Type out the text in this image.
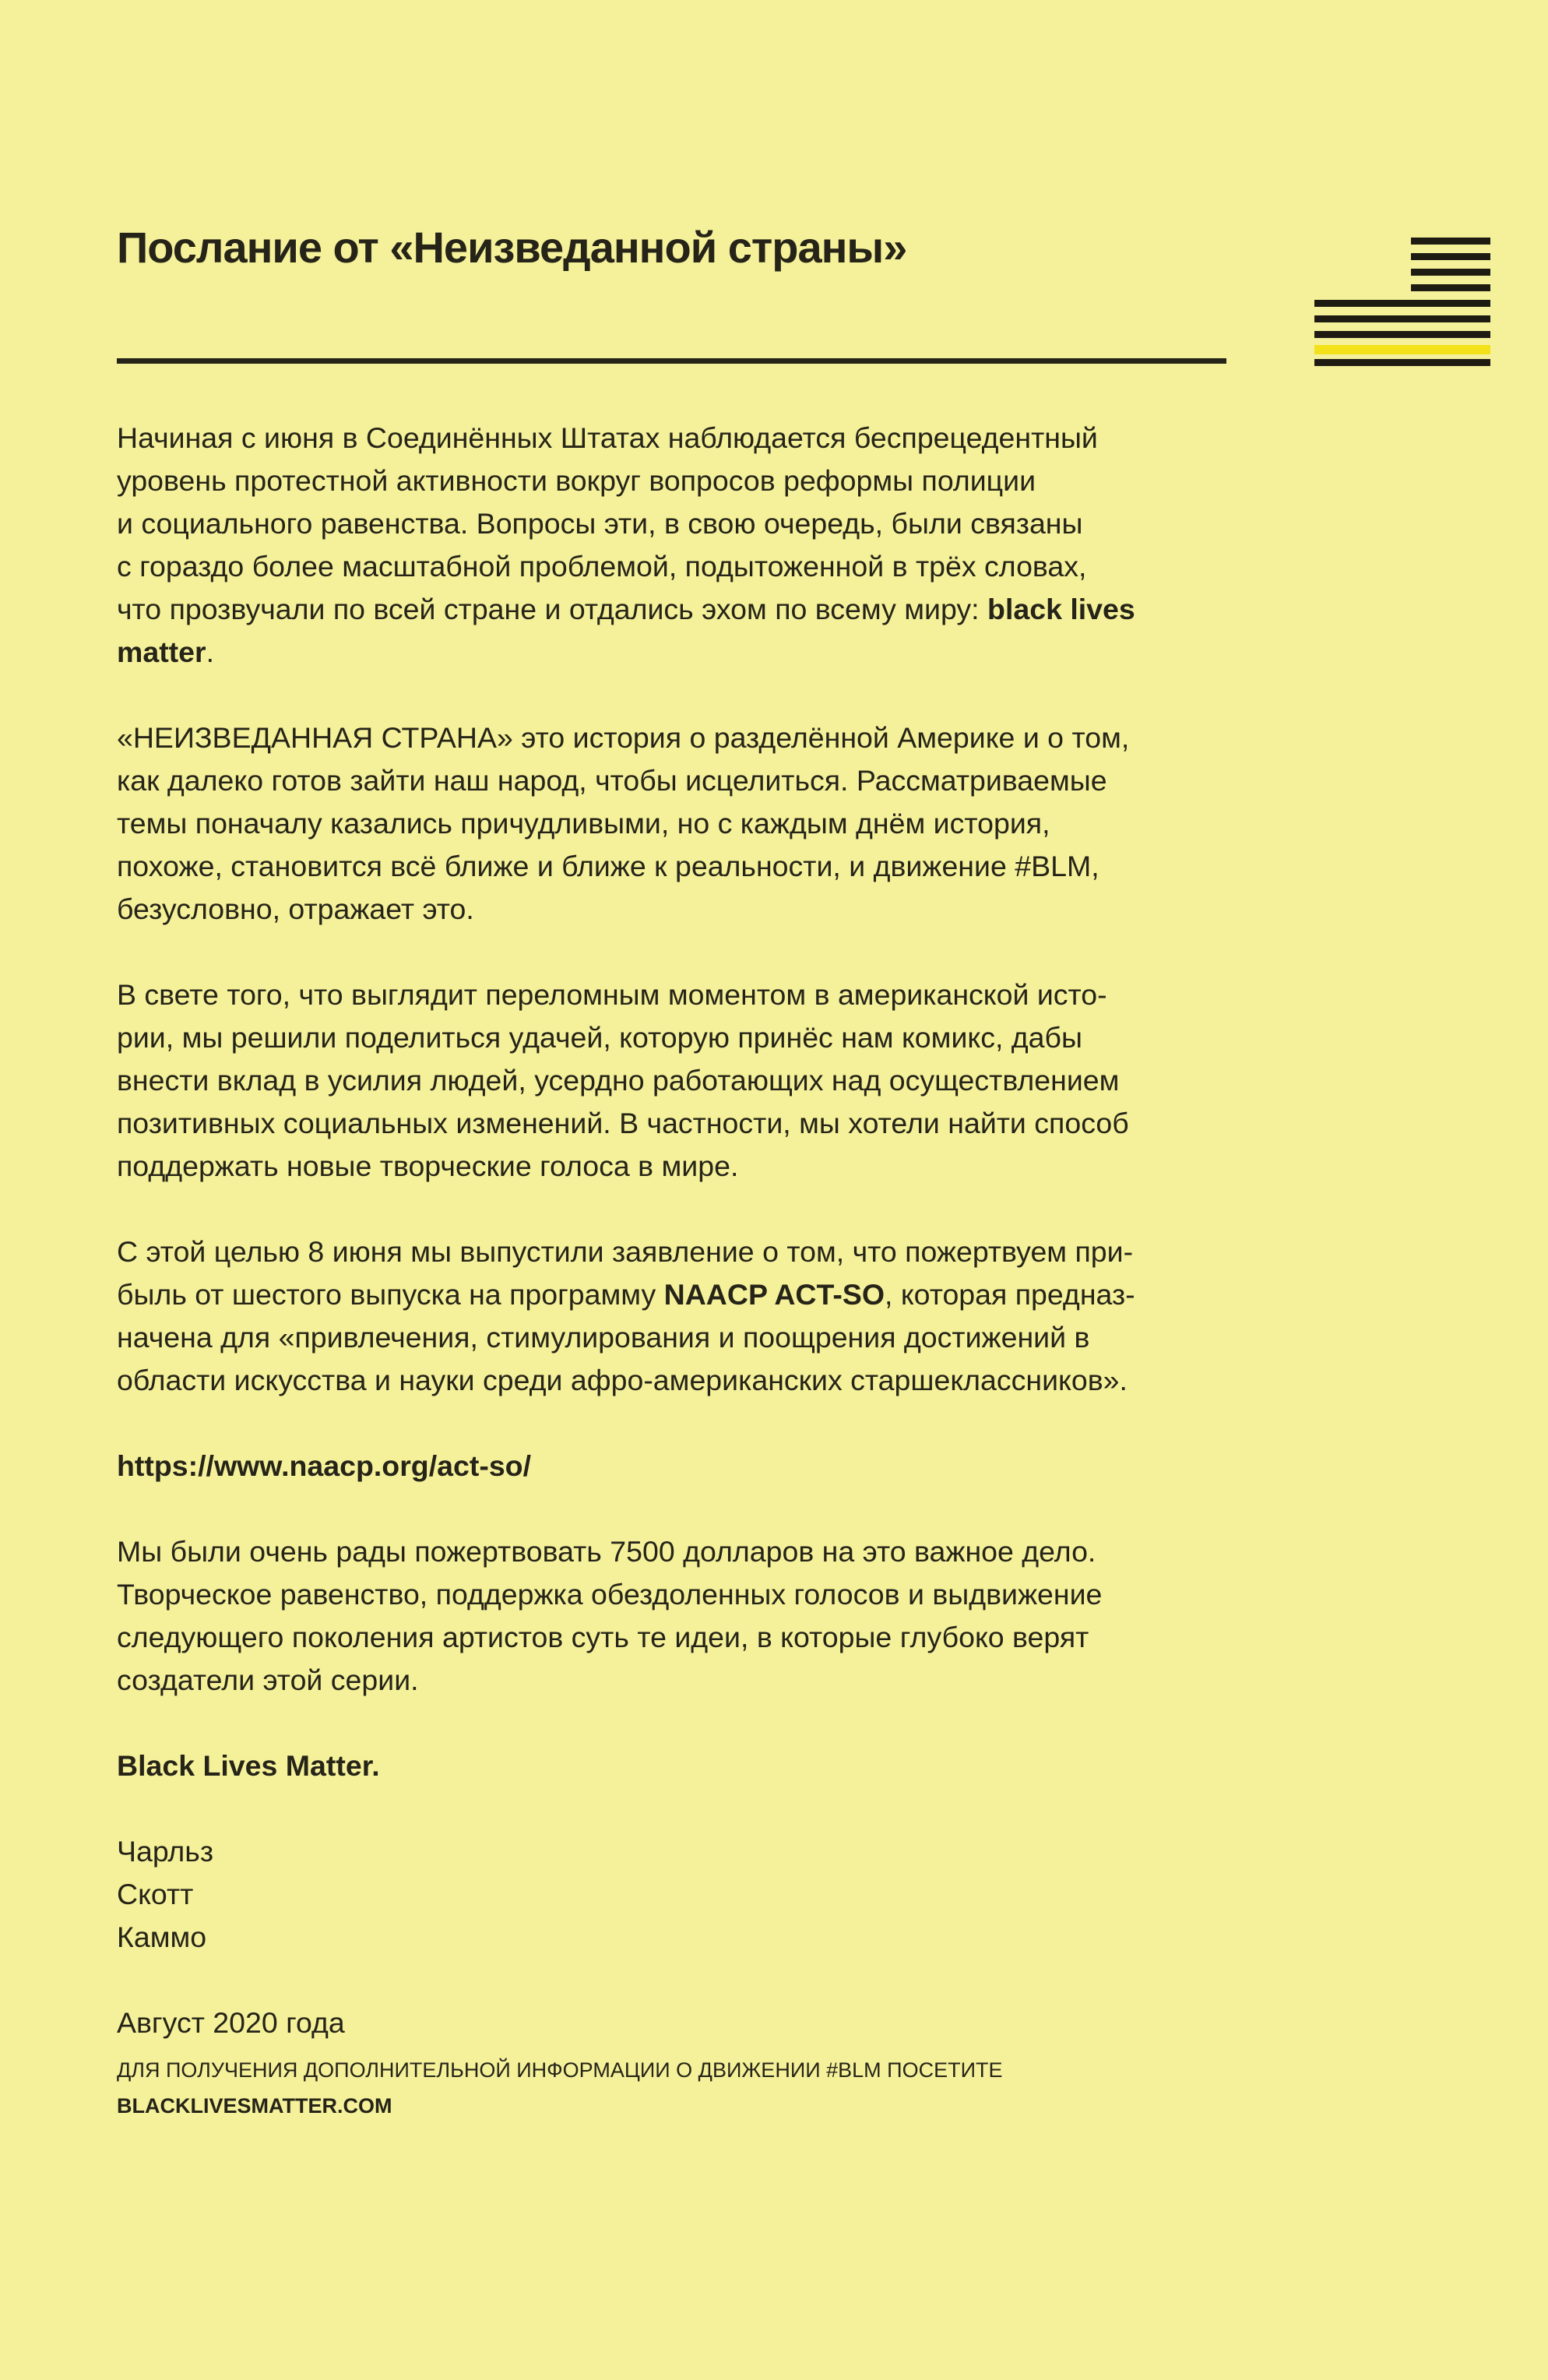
Послание от «Неизведанной страны»

Начиная с июня в Соединённых Штатах наблюдается беспрецедентный
уровень протестной активности вокруг вопросов реформы полиции
и социального равенства. Вопросы эти, в свою очередь, были связаны
с гораздо более масштабной проблемой, подытоженной в трёх словах,
что прозвучали по всей стране и отдались эхом по всему миру: black lives
matter.

«НЕИЗВЕДАННАЯ СТРАНА» это история о разделённой Америке и о том,
как далеко готов зайти наш народ, чтобы исцелиться. Рассматриваемые
темы поначалу казались причудливыми, но с каждым днём история,
похоже, становится всё ближе и ближе к реальности, и движение #BLM,
безусловно, отражает это.

В свете того, что выглядит переломным моментом в американской исто-
рии, мы решили поделиться удачей, которую принёс нам комикс, дабы
внести вклад в усилия людей, усердно работающих над осуществлением
позитивных социальных изменений. В частности, мы хотели найти способ
поддержать новые творческие голоса в мире.

С этой целью 8 июня мы выпустили заявление о том, что пожертвуем при-
быль от шестого выпуска на программу NAACP ACT-SO, которая предназ-
начена для «привлечения, стимулирования и поощрения достижений в
области искусства и науки среди афро-американских старшеклассников».

https://www.naacp.org/act-so/

Мы были очень рады пожертвовать 7500 долларов на это важное дело.
Творческое равенство, поддержка обездоленных голосов и выдвижение
следующего поколения артистов суть те идеи, в которые глубоко верят
создатели этой серии.

Black Lives Matter.

Чарльз
Скотт
Каммо

Август 2020 года

ДЛЯ ПОЛУЧЕНИЯ ДОПОЛНИТЕЛЬНОЙ ИНФОРМАЦИИ О ДВИЖЕНИИ #BLM ПОСЕТИТЕ
BLACKLIVESMATTER.COM
